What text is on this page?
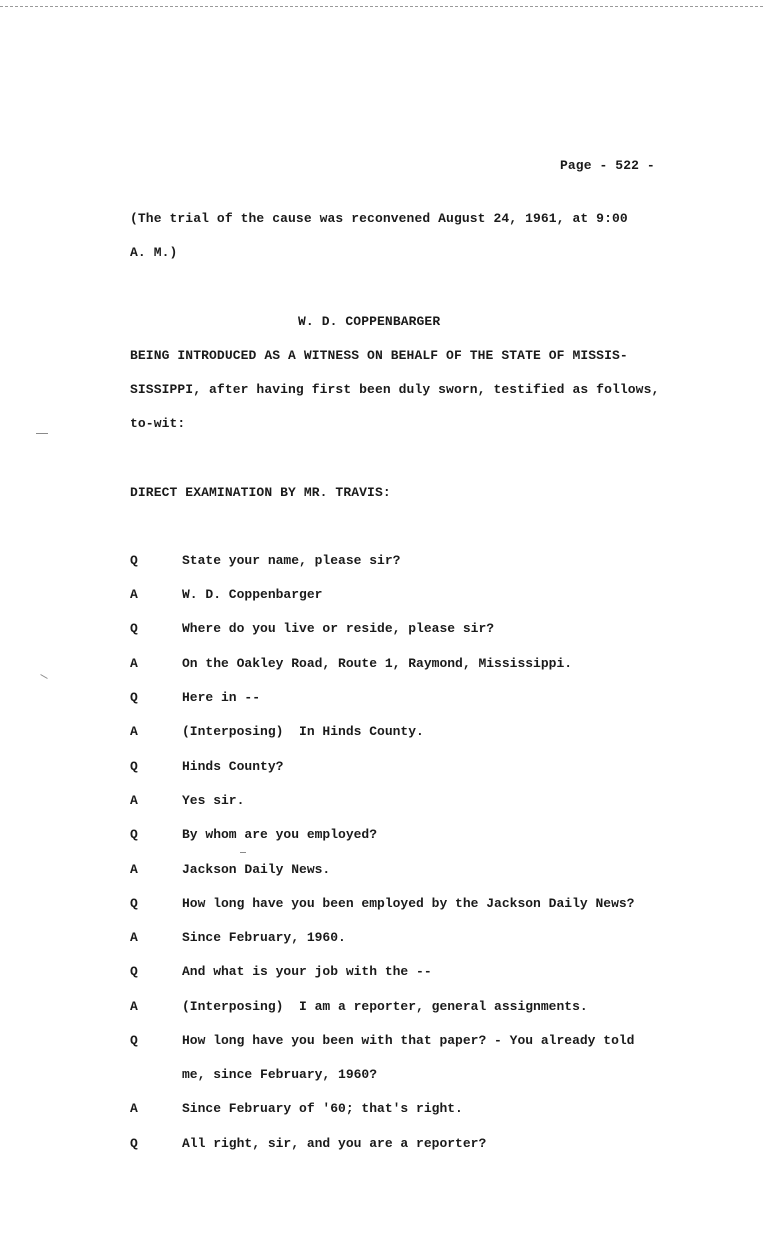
Page - 522 -
(The trial of the cause was reconvened August 24, 1961, at 9:00
A. M.)
W. D. COPPENBARGER
BEING INTRODUCED AS A WITNESS ON BEHALF OF THE STATE OF MISSIS-
SISSIPPI, after having first been duly sworn, testified as follows,
to-wit:
DIRECT EXAMINATION BY MR. TRAVIS:
Q	State your name, please sir?
A	W. D. Coppenbarger
Q	Where do you live or reside, please sir?
A	On the Oakley Road, Route 1, Raymond, Mississippi.
Q	Here in --
A	(Interposing)  In Hinds County.
Q	Hinds County?
A	Yes sir.
Q	By whom are you employed?
A	Jackson Daily News.
Q	How long have you been employed by the Jackson Daily News?
A	Since February, 1960.
Q	And what is your job with the --
A	(Interposing)  I am a reporter, general assignments.
Q	How long have you been with that paper? - You already told
me, since February, 1960?
A	Since February of '60; that's right.
Q	All right, sir, and you are a reporter?
